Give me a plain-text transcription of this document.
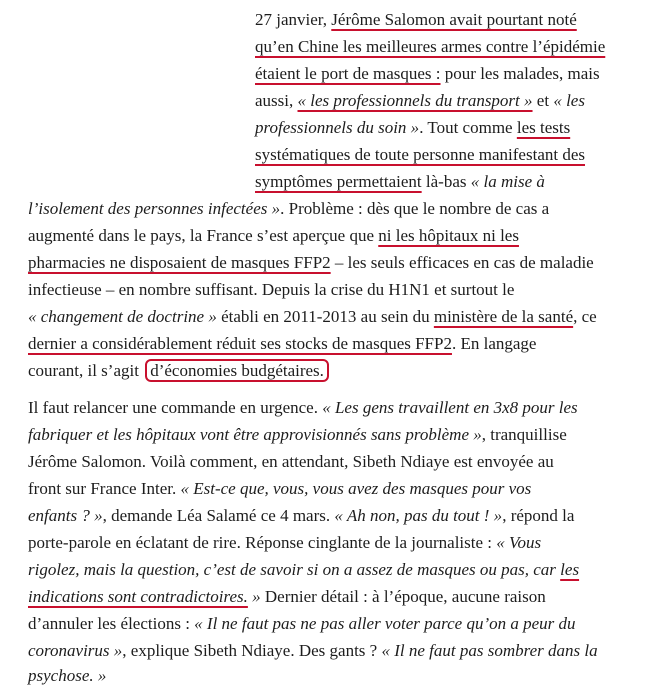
27 janvier, Jérôme Salomon avait pourtant noté
qu’en Chine les meilleures armes contre l’épidémie
étaient le port de masques : pour les malades, mais
aussi, « les professionnels du transport » et « les
professionnels du soin ». Tout comme les tests
systématiques de toute personne manifestant des
symptômes permettaient là-bas « la mise à
l’isolement des personnes infectées ». Problème : dès que le nombre de cas a
augmenté dans le pays, la France s’est aperçue que ni les hôpitaux ni les
pharmacies ne disposaient de masques FFP2 – les seuls efficaces en cas de maladie
infectieuse – en nombre suffisant. Depuis la crise du H1N1 et surtout le
« changement de doctrine » établi en 2011-2013 au sein du ministère de la santé, ce
dernier a considérablement réduit ses stocks de masques FFP2. En langage
courant, il s’agit d’économies budgétaires.
Il faut relancer une commande en urgence. « Les gens travaillent en 3x8 pour les
fabriquer et les hôpitaux vont être approvisionnés sans problème », tranquillise
Jérôme Salomon. Voilà comment, en attendant, Sibeth Ndiaye est envoyée au
front sur France Inter. « Est-ce que, vous, vous avez des masques pour vos
enfants ? », demande Léa Salamé ce 4 mars. « Ah non, pas du tout ! », répond la
porte-parole en éclatant de rire. Réponse cinglante de la journaliste : « Vous
rigolez, mais la question, c’est de savoir si on a assez de masques ou pas, car les
indications sont contradictoires. » Dernier détail : à l’époque, aucune raison
d’annuler les élections : « Il ne faut pas ne pas aller voter parce qu’on a peur du
coronavirus », explique Sibeth Ndiaye. Des gants ? « Il ne faut pas sombrer dans la
psychose. »
